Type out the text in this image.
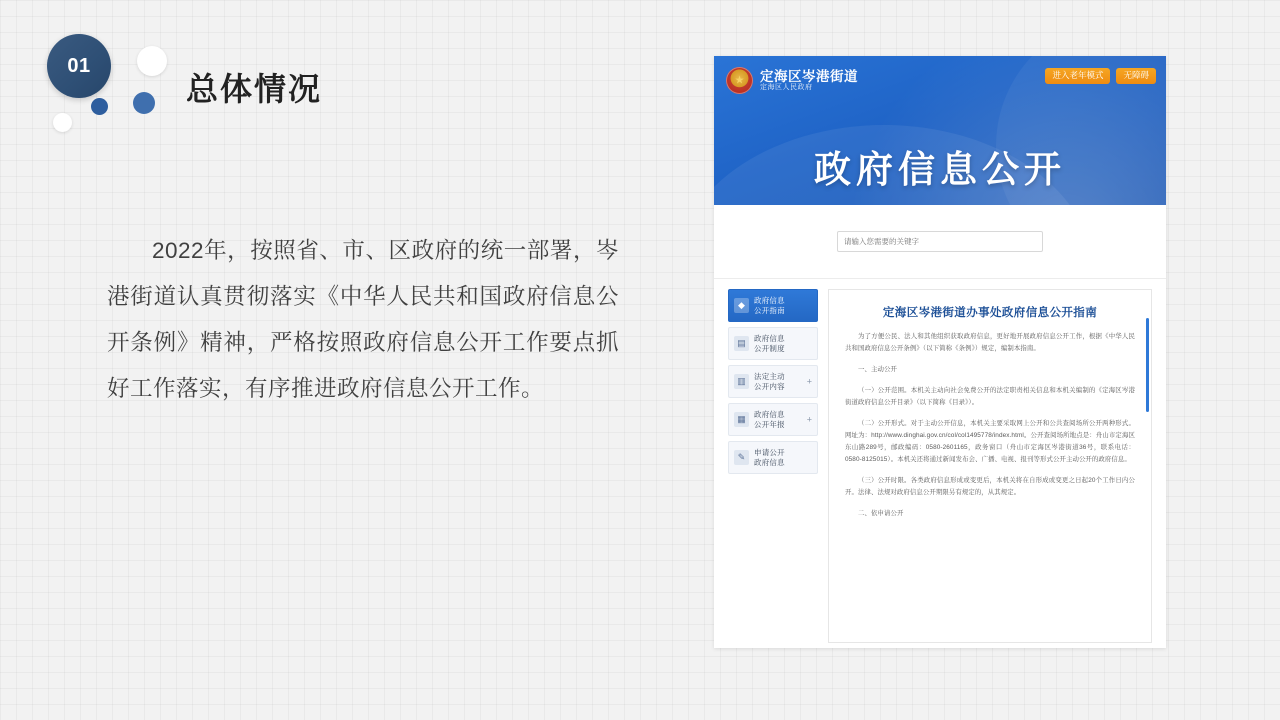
01
总体情况
2022年，按照省、市、区政府的统一部署，岑港街道认真贯彻落实《中华人民共和国政府信息公开条例》精神，严格按照政府信息公开工作要点抓好工作落实，有序推进政府信息公开工作。
★
定海区岑港街道
定海区人民政府
进入老年模式	无障碍
政府信息公开
请输入您需要的关键字
◆	政府信息
公开指南
▤	政府信息
公开制度
▥	法定主动
公开内容 +
▦	政府信息
公开年报 +
✎	申请公开
政府信息
定海区岑港街道办事处政府信息公开指南
为了方便公民、法人和其他组织获取政府信息，更好地开展政府信息公开工作，根据《中华人民共和国政府信息公开条例》（以下简称《条例》）规定，编制本指南。
一、主动公开
（一）公开范围。本机关主动向社会免费公开的法定职责相关信息和本机关编制的《定海区岑港街道政府信息公开目录》（以下简称《目录》）。
（二）公开形式。对于主动公开信息，本机关主要采取网上公开和公共查阅场所公开两种形式。网址为：http://www.dinghai.gov.cn/col/col1495778/index.html。公开查阅场所地点是：舟山市定海区东山路289号，邮政编码：0580-2601165，政务窗口（舟山市定海区岑港街道36号，联系电话：0580-8125015）。本机关还将通过新闻发布会、广播、电视、报刊等形式公开主动公开的政府信息。
（三）公开时限。各类政府信息形成或变更后，本机关将在自形成或变更之日起20个工作日内公开。法律、法规对政府信息公开期限另有规定的，从其规定。
二、依申请公开
